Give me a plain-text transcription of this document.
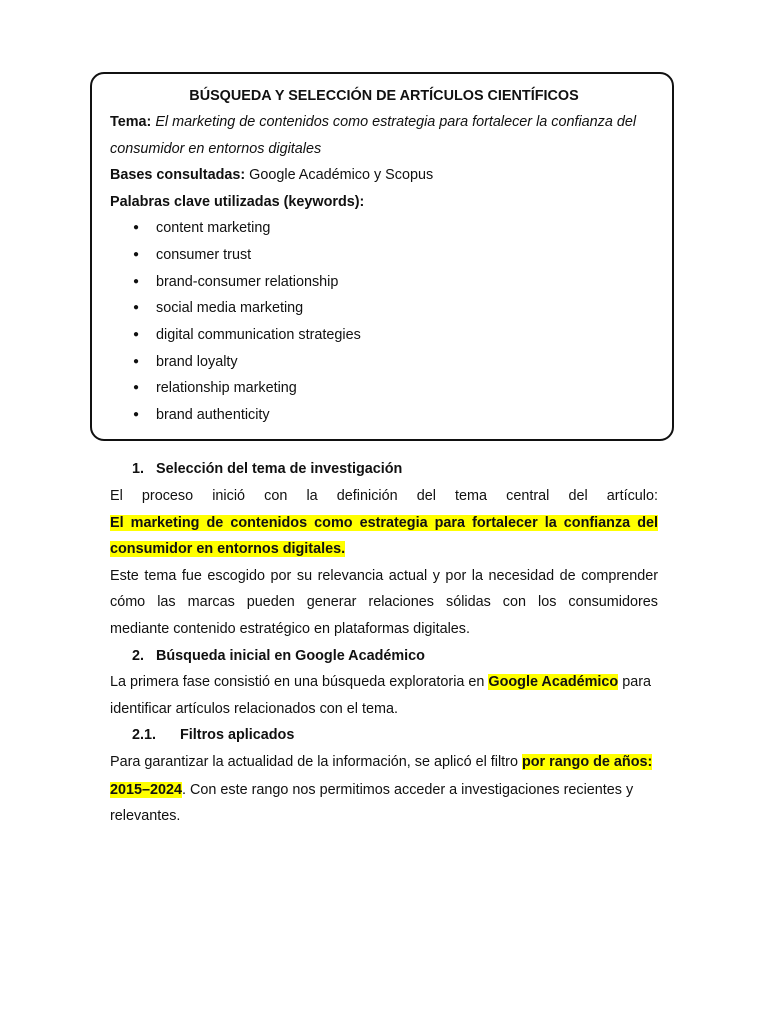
BÚSQUEDA Y SELECCIÓN DE ARTÍCULOS CIENTÍFICOS
Tema: El marketing de contenidos como estrategia para fortalecer la confianza del
consumidor en entornos digitales
Bases consultadas: Google Académico y Scopus
Palabras clave utilizadas (keywords):
● content marketing
● consumer trust
● brand-consumer relationship
● social media marketing
● digital communication strategies
● brand loyalty
● relationship marketing
● brand authenticity
1. Selección del tema de investigación
El proceso inició con la definición del tema central del artículo:
El marketing de contenidos como estrategia para fortalecer la confianza del
consumidor en entornos digitales.
Este tema fue escogido por su relevancia actual y por la necesidad de comprender
cómo las marcas pueden generar relaciones sólidas con los consumidores
mediante contenido estratégico en plataformas digitales.
2. Búsqueda inicial en Google Académico
La primera fase consistió en una búsqueda exploratoria en Google Académico para
identificar artículos relacionados con el tema.
2.1. Filtros aplicados
Para garantizar la actualidad de la información, se aplicó el filtro por rango de años:
2015–2024. Con este rango nos permitimos acceder a investigaciones recientes y
relevantes.
